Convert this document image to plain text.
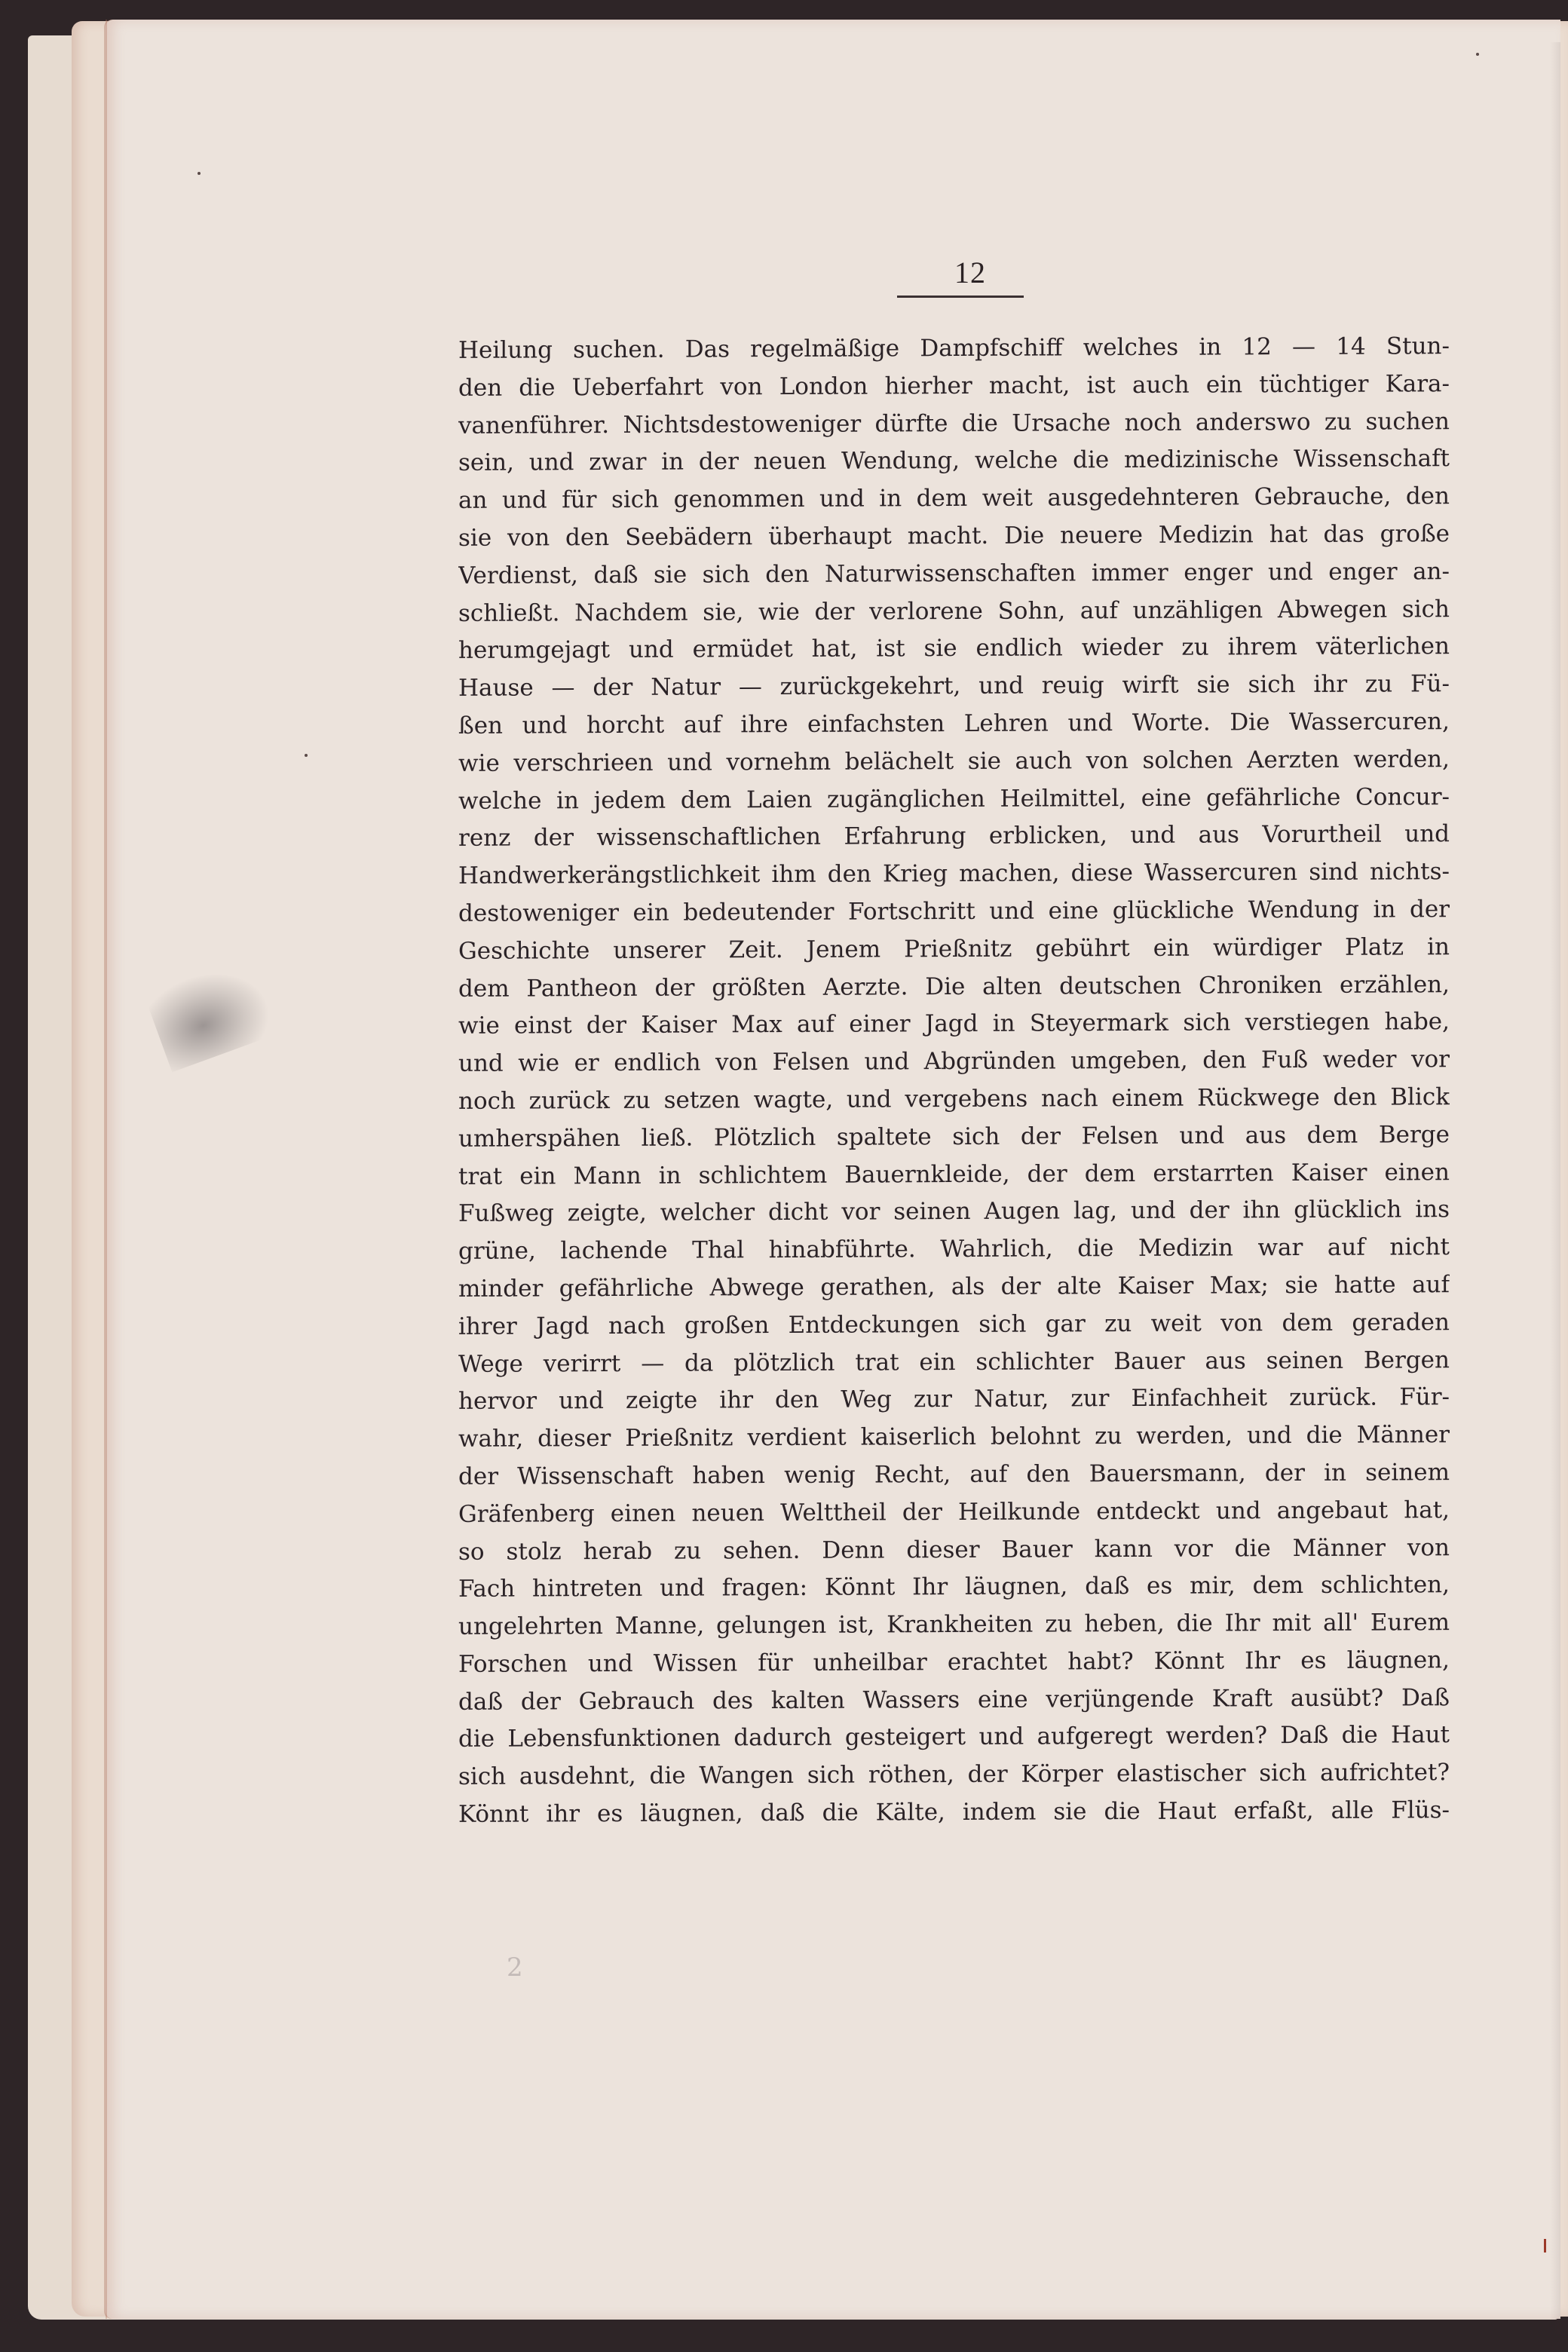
12
Heilung suchen. Das regelmäßige Dampfschiff welches in 12 — 14 Stun-
den die Ueberfahrt von London hierher macht, ist auch ein tüchtiger Kara-
vanenführer. Nichtsdestoweniger dürfte die Ursache noch anderswo zu suchen
sein, und zwar in der neuen Wendung, welche die medizinische Wissenschaft
an und für sich genommen und in dem weit ausgedehnteren Gebrauche, den
sie von den Seebädern überhaupt macht. Die neuere Medizin hat das große
Verdienst, daß sie sich den Naturwissenschaften immer enger und enger an-
schließt. Nachdem sie, wie der verlorene Sohn, auf unzähligen Abwegen sich
herumgejagt und ermüdet hat, ist sie endlich wieder zu ihrem väterlichen
Hause — der Natur — zurückgekehrt, und reuig wirft sie sich ihr zu Fü-
ßen und horcht auf ihre einfachsten Lehren und Worte. Die Wassercuren,
wie verschrieen und vornehm belächelt sie auch von solchen Aerzten werden,
welche in jedem dem Laien zugänglichen Heilmittel, eine gefährliche Concur-
renz der wissenschaftlichen Erfahrung erblicken, und aus Vorurtheil und
Handwerkerängstlichkeit ihm den Krieg machen, diese Wassercuren sind nichts-
destoweniger ein bedeutender Fortschritt und eine glückliche Wendung in der
Geschichte unserer Zeit. Jenem Prießnitz gebührt ein würdiger Platz in
dem Pantheon der größten Aerzte. Die alten deutschen Chroniken erzählen,
wie einst der Kaiser Max auf einer Jagd in Steyermark sich verstiegen habe,
und wie er endlich von Felsen und Abgründen umgeben, den Fuß weder vor
noch zurück zu setzen wagte, und vergebens nach einem Rückwege den Blick
umherspähen ließ. Plötzlich spaltete sich der Felsen und aus dem Berge
trat ein Mann in schlichtem Bauernkleide, der dem erstarrten Kaiser einen
Fußweg zeigte, welcher dicht vor seinen Augen lag, und der ihn glücklich ins
grüne, lachende Thal hinabführte. Wahrlich, die Medizin war auf nicht
minder gefährliche Abwege gerathen, als der alte Kaiser Max; sie hatte auf
ihrer Jagd nach großen Entdeckungen sich gar zu weit von dem geraden
Wege verirrt — da plötzlich trat ein schlichter Bauer aus seinen Bergen
hervor und zeigte ihr den Weg zur Natur, zur Einfachheit zurück. Für-
wahr, dieser Prießnitz verdient kaiserlich belohnt zu werden, und die Männer
der Wissenschaft haben wenig Recht, auf den Bauersmann, der in seinem
Gräfenberg einen neuen Welttheil der Heilkunde entdeckt und angebaut hat,
so stolz herab zu sehen. Denn dieser Bauer kann vor die Männer von
Fach hintreten und fragen: Könnt Ihr läugnen, daß es mir, dem schlichten,
ungelehrten Manne, gelungen ist, Krankheiten zu heben, die Ihr mit all' Eurem
Forschen und Wissen für unheilbar erachtet habt? Könnt Ihr es läugnen,
daß der Gebrauch des kalten Wassers eine verjüngende Kraft ausübt? Daß
die Lebensfunktionen dadurch gesteigert und aufgeregt werden? Daß die Haut
sich ausdehnt, die Wangen sich röthen, der Körper elastischer sich aufrichtet?
Könnt ihr es läugnen, daß die Kälte, indem sie die Haut erfaßt, alle Flüs-
2
